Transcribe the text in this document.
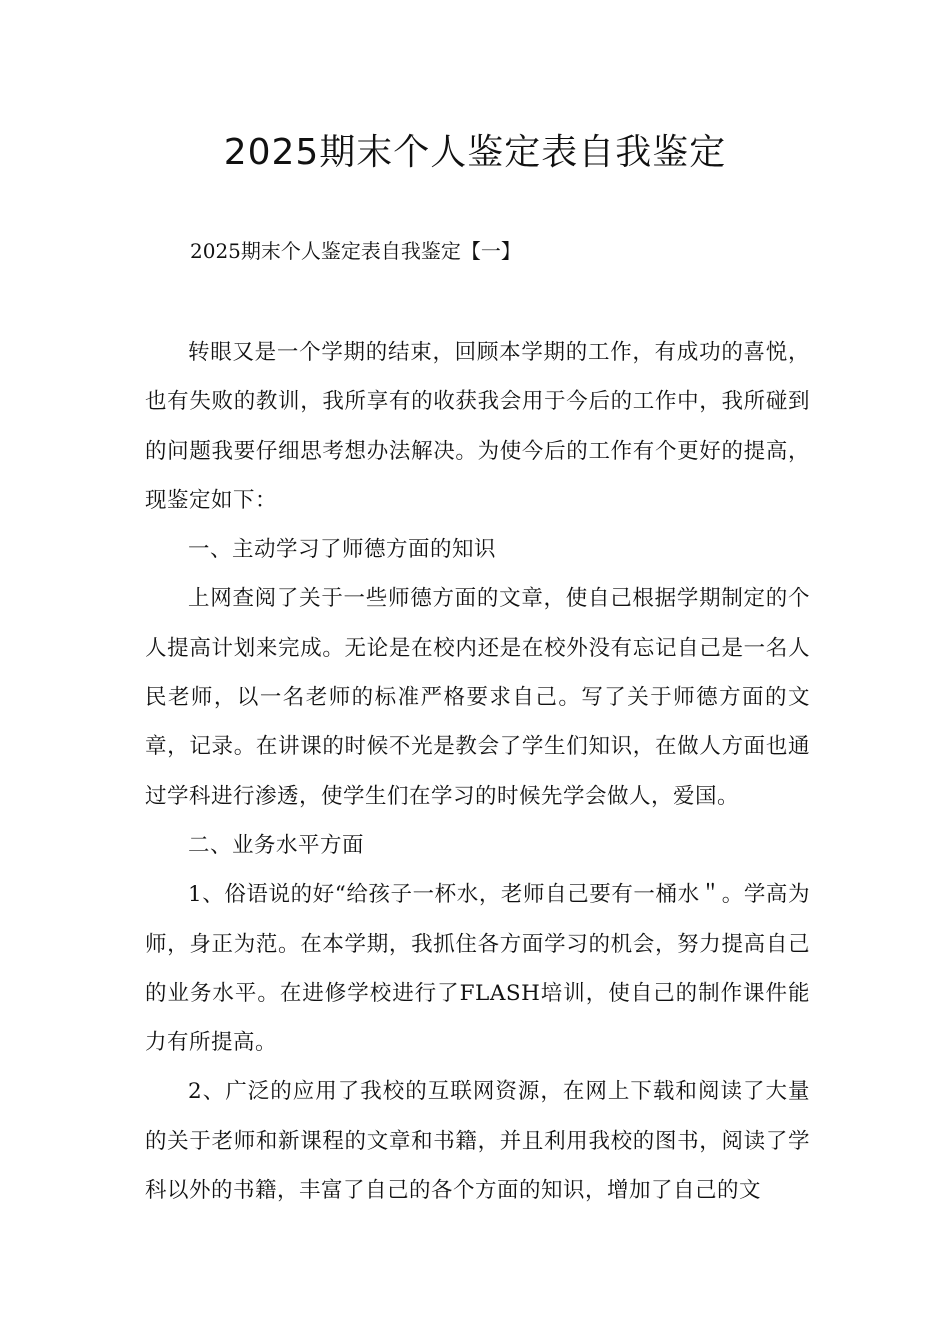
2025期末个人鉴定表自我鉴定

2025期末个人鉴定表自我鉴定【一】

转眼又是一个学期的结束，回顾本学期的工作，有成功的喜悦，也有失败的教训，我所享有的收获我会用于今后的工作中，我所碰到的问题我要仔细思考想办法解决。为使今后的工作有个更好的提高，现鉴定如下：

一、主动学习了师德方面的知识

上网查阅了关于一些师德方面的文章，使自己根据学期制定的个人提高计划来完成。无论是在校内还是在校外没有忘记自己是一名人民老师，以一名老师的标准严格要求自己。写了关于师德方面的文章，记录。在讲课的时候不光是教会了学生们知识，在做人方面也通过学科进行渗透，使学生们在学习的时候先学会做人，爱国。

二、业务水平方面

1、俗语说的好“给孩子一杯水，老师自己要有一桶水＂。学高为师，身正为范。在本学期，我抓住各方面学习的机会，努力提高自己的业务水平。在进修学校进行了FLASH培训，使自己的制作课件能力有所提高。

2、广泛的应用了我校的互联网资源，在网上下载和阅读了大量的关于老师和新课程的文章和书籍，并且利用我校的图书，阅读了学科以外的书籍，丰富了自己的各个方面的知识，增加了自己的文
